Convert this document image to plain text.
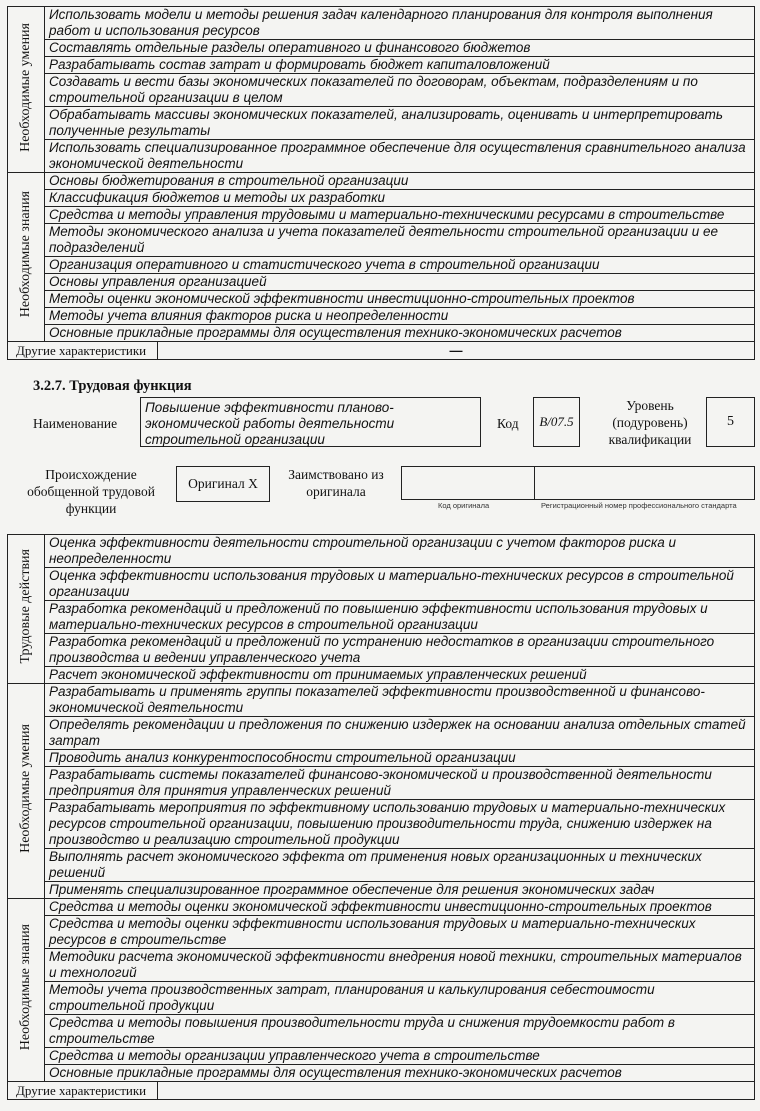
Необходимые умения	Использовать модели и методы решения задач календарного планирования для контроля выполнения работ и использования ресурсов	
	Составлять отдельные разделы оперативного и финансового бюджетов	
	Разрабатывать состав затрат и формировать бюджет капиталовложений	
	Создавать и вести базы экономических показателей по договорам, объектам, подразделениям и по строительной организации в целом	
	Обрабатывать массивы экономических показателей, анализировать, оценивать и интерпретировать полученные результаты	
	Использовать специализированное программное обеспечение для осуществления сравнительного анализа экономической деятельности	
Необходимые знания	Основы бюджетирования в строительной организации	
	Классификация бюджетов и методы их разработки	
	Средства и методы управления трудовыми и материально-техническими ресурсами в строительстве	
	Методы экономического анализа и учета показателей деятельности строительной организации и ее подразделений	
	Организация оперативного и статистического учета в строительной организации	
	Основы управления организацией	
	Методы оценки экономической эффективности инвестиционно-строительных проектов	
	Методы учета влияния факторов риска и неопределенности	
	Основные прикладные программы для осуществления технико-экономических расчетов	
Другие характеристики		—
3.2.7. Трудовая функция
Наименование
Повышение эффективности планово-экономической работы деятельности строительной организации
Код	B/07.5
Уровень (подуровень) квалификации
5
Происхождение обобщенной трудовой функции
Оригинал X
Заимствовано из оригинала
Код оригинала	Регистрационный номер профессионального стандарта
Трудовые действия	Оценка эффективности деятельности строительной организации с учетом факторов риска и неопределенности	
	Оценка эффективности использования трудовых и материально-технических ресурсов в строительной организации	
	Разработка рекомендаций и предложений по повышению эффективности использования трудовых и материально-технических ресурсов в строительной организации	
	Разработка рекомендаций и предложений по устранению недостатков в организации строительного производства и ведении управленческого учета	
	Расчет экономической эффективности от принимаемых управленческих решений	
Необходимые умения	Разрабатывать и применять группы показателей эффективности производственной и финансово-экономической деятельности	
	Определять рекомендации и предложения по снижению издержек на основании анализа отдельных статей затрат	
	Проводить анализ конкурентоспособности строительной организации	
	Разрабатывать системы показателей финансово-экономической и производственной деятельности предприятия для принятия управленческих решений	
	Разрабатывать мероприятия по эффективному использованию трудовых и материально-технических ресурсов строительной организации, повышению производительности труда, снижению издержек на производство и реализацию строительной продукции	
	Выполнять расчет экономического эффекта от применения новых организационных и технических решений	
	Применять специализированное программное обеспечение для решения экономических задач	
Необходимые знания	Средства и методы оценки экономической эффективности инвестиционно-строительных проектов	
	Средства и методы оценки эффективности использования трудовых и материально-технических ресурсов в строительстве	
	Методики расчета экономической эффективности внедрения новой техники, строительных материалов и технологий	
	Методы учета производственных затрат, планирования и калькулирования себестоимости строительной продукции	
	Средства и методы повышения производительности труда и снижения трудоемкости работ в строительстве	
	Средства и методы организации управленческого учета в строительстве	
	Основные прикладные программы для осуществления технико-экономических расчетов	
Другие характеристики		
